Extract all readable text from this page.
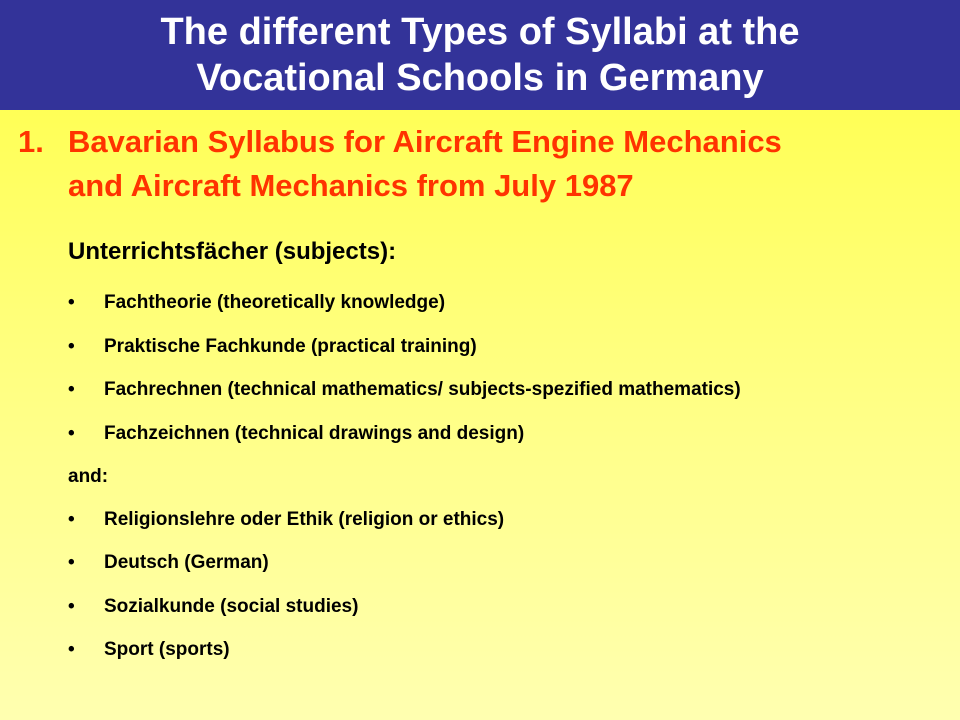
The different Types of Syllabi at the
Vocational Schools in Germany
1. Bavarian Syllabus for Aircraft Engine Mechanics
and Aircraft Mechanics from July 1987
Unterrichtsfächer (subjects):
• Fachtheorie (theoretically knowledge)
• Praktische Fachkunde (practical training)
• Fachrechnen (technical mathematics/ subjects-spezified mathematics)
• Fachzeichnen (technical drawings and design)
and:
• Religionslehre oder Ethik (religion or ethics)
• Deutsch (German)
• Sozialkunde (social studies)
• Sport (sports)
